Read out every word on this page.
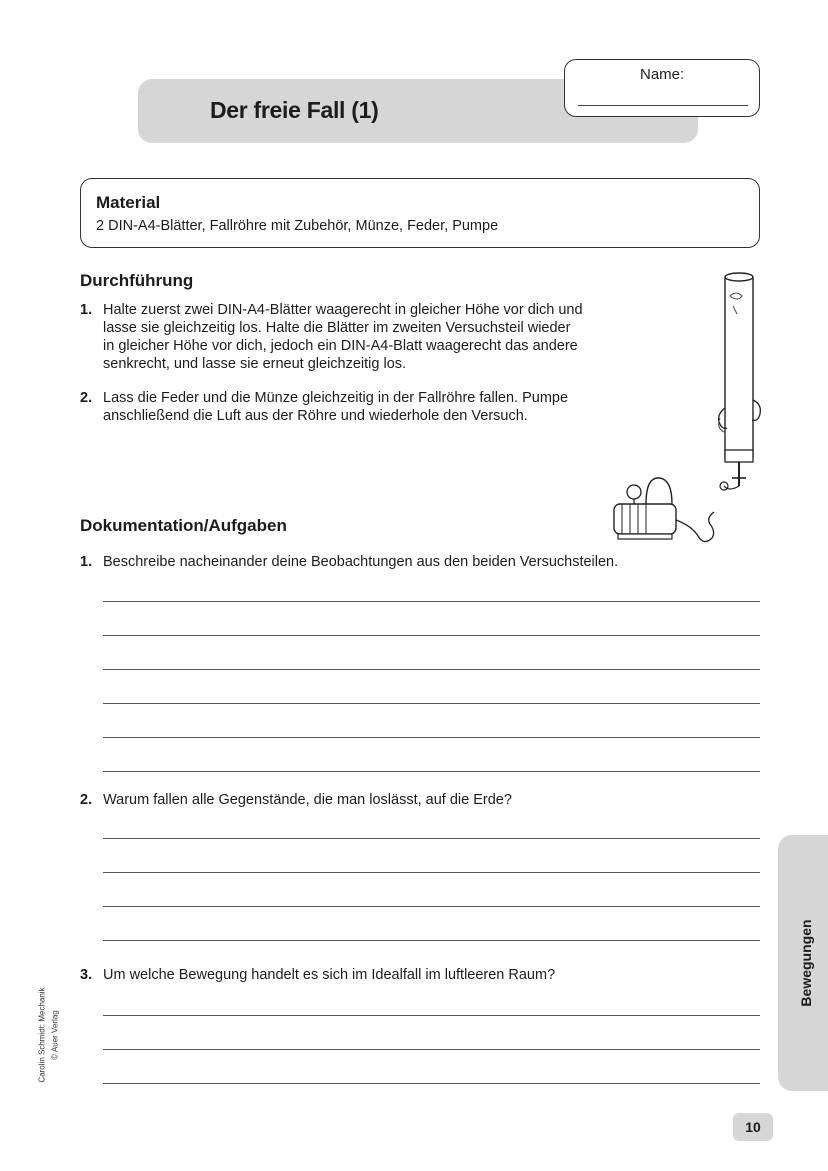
Der freie Fall (1)
Name:
Material
2 DIN-A4-Blätter, Fallröhre mit Zubehör, Münze, Feder, Pumpe
Durchführung
1. Halte zuerst zwei DIN-A4-Blätter waagerecht in gleicher Höhe vor dich und
lasse sie gleichzeitig los. Halte die Blätter im zweiten Versuchsteil wieder
in gleicher Höhe vor dich, jedoch ein DIN-A4-Blatt waagerecht das andere
senkrecht, und lasse sie erneut gleichzeitig los.
2. Lass die Feder und die Münze gleichzeitig in der Fallröhre fallen. Pumpe
anschließend die Luft aus der Röhre und wiederhole den Versuch.
Dokumentation/Aufgaben
1. Beschreibe nacheinander deine Beobachtungen aus den beiden Versuchsteilen.
2. Warum fallen alle Gegenstände, die man loslässt, auf die Erde?
3. Um welche Bewegung handelt es sich im Idealfall im luftleeren Raum?	Bewegungen
Carolin Schmidt: Mechanik © Auer Verlag
10
